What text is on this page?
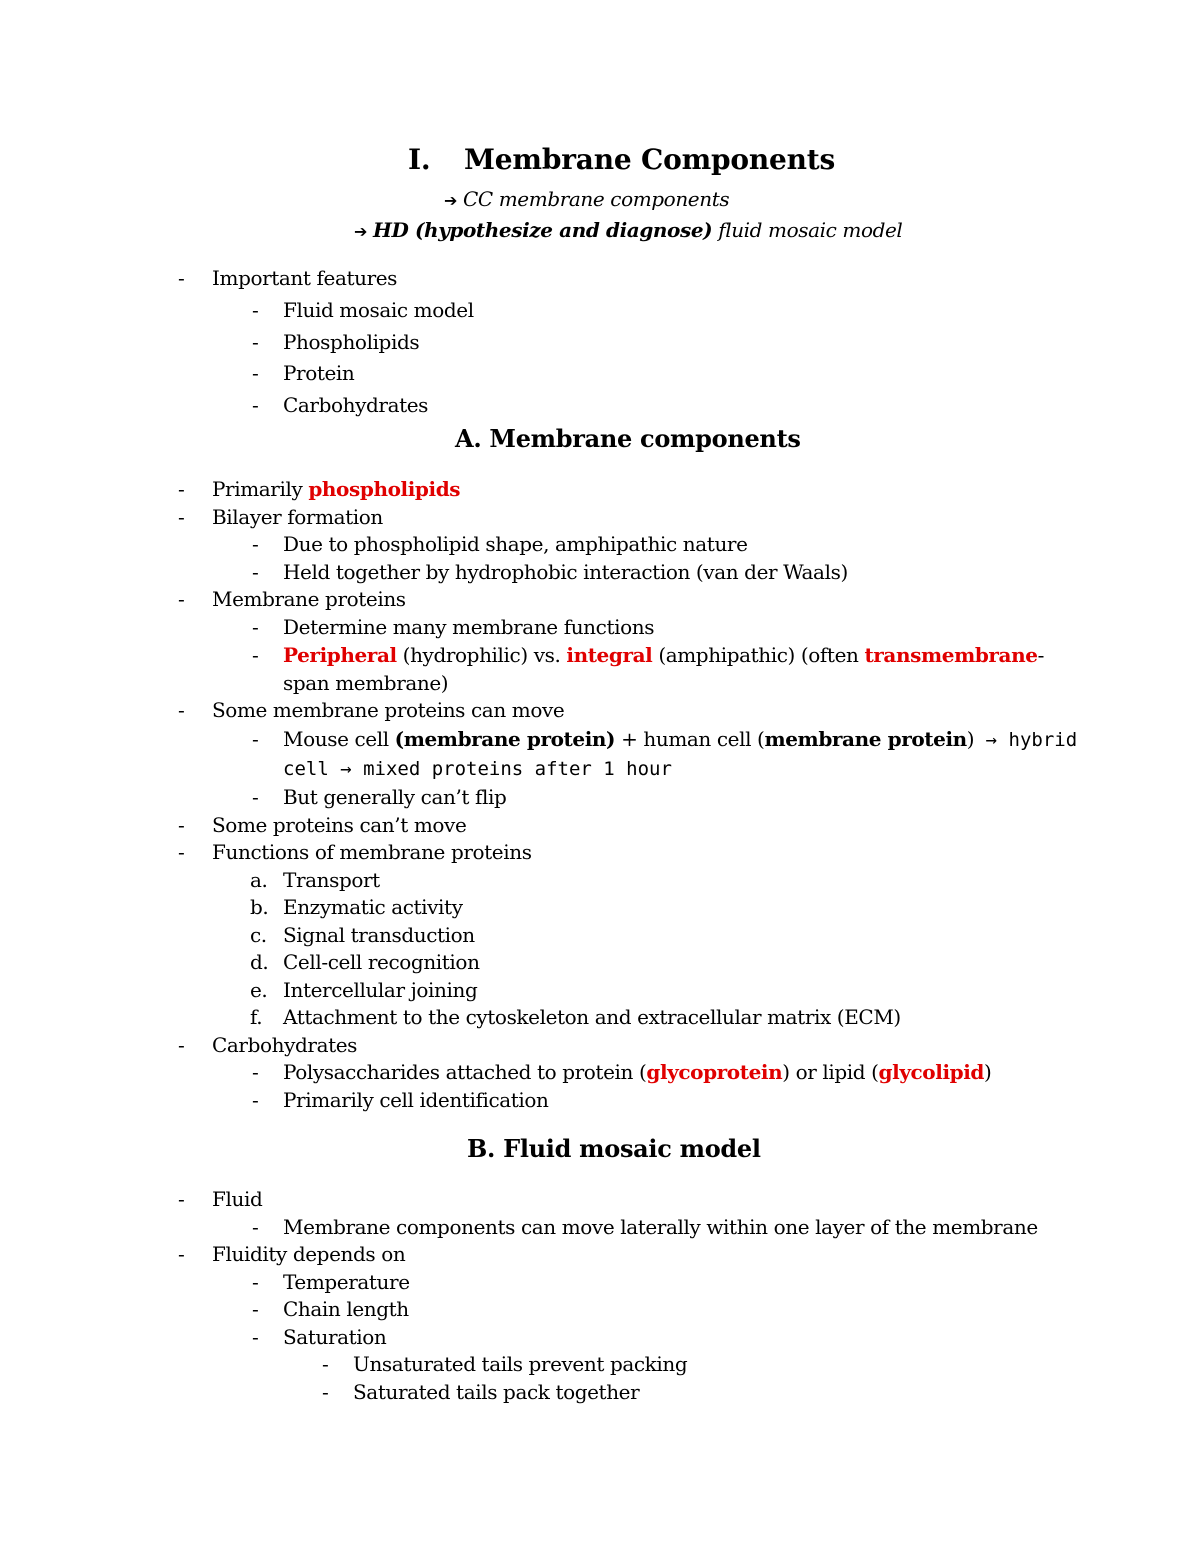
I. Membrane Components
➔ CC membrane components
➔ HD (hypothesize and diagnose) fluid mosaic model
- Important features
- Fluid mosaic model
- Phospholipids
- Protein
- Carbohydrates
A. Membrane components
- Primarily phospholipids
- Bilayer formation
- Due to phospholipid shape, amphipathic nature
- Held together by hydrophobic interaction (van der Waals)
- Membrane proteins
- Determine many membrane functions
- Peripheral (hydrophilic) vs. integral (amphipathic) (often transmembrane-
span membrane)
- Some membrane proteins can move
- Mouse cell (membrane protein) + human cell (membrane protein) → hybrid
cell → mixed proteins after 1 hour
- But generally can’t flip
- Some proteins can’t move
- Functions of membrane proteins
a. Transport
b. Enzymatic activity
c. Signal transduction
d. Cell-cell recognition
e. Intercellular joining
f. Attachment to the cytoskeleton and extracellular matrix (ECM)
- Carbohydrates
- Polysaccharides attached to protein (glycoprotein) or lipid (glycolipid)
- Primarily cell identification
B. Fluid mosaic model
- Fluid
- Membrane components can move laterally within one layer of the membrane
- Fluidity depends on
- Temperature
- Chain length
- Saturation
- Unsaturated tails prevent packing
- Saturated tails pack together
